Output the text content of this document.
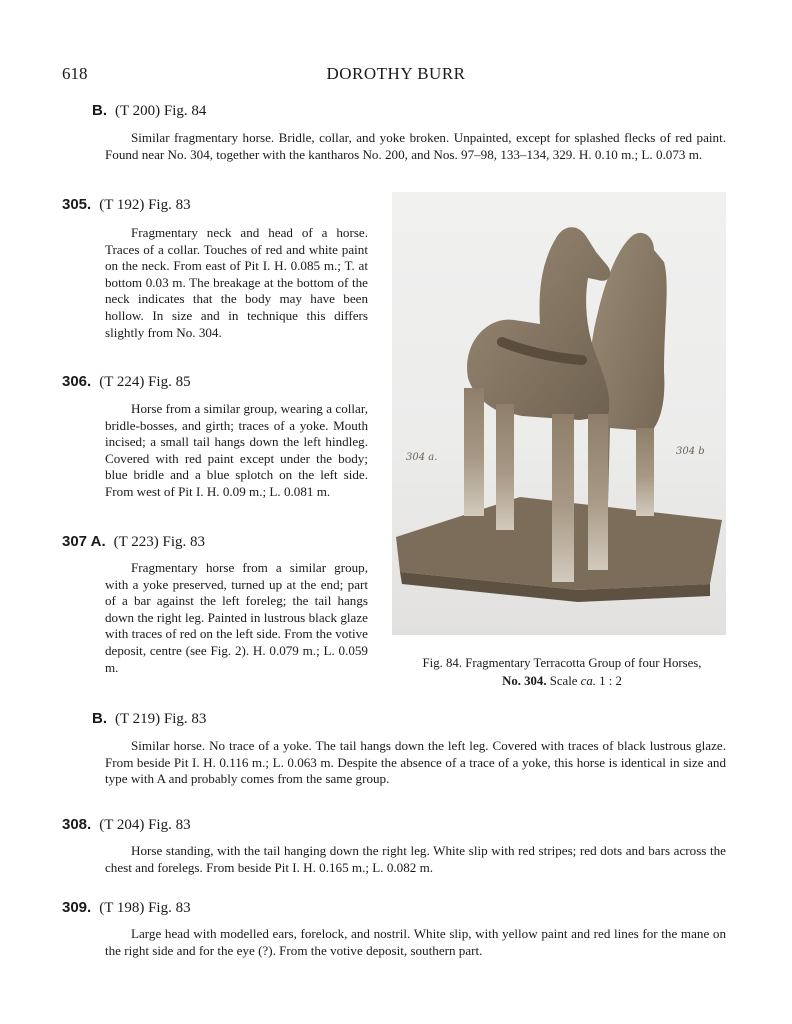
618	DOROTHY BURR
B. (T 200) Fig. 84

Similar fragmentary horse. Bridle, collar, and yoke broken. Unpainted, except for splashed flecks of red paint. Found near No. 304, together with the kantharos No. 200, and Nos. 97–98, 133–134, 329. H. 0.10 m.; L. 0.073 m.

305. (T 192) Fig. 83

Fragmentary neck and head of a horse. Traces of a collar. Touches of red and white paint on the neck. From east of Pit I. H. 0.085 m.; T. at bottom 0.03 m. The breakage at the bottom of the neck indicates that the body may have been hollow. In size and in technique this differs slightly from No. 304.

306. (T 224) Fig. 85

Horse from a similar group, wearing a collar, bridle-bosses, and girth; traces of a yoke. Mouth incised; a small tail hangs down the left hindleg. Covered with red paint except under the body; blue bridle and a blue splotch on the left side. From west of Pit I. H. 0.09 m.; L. 0.081 m.

307 A. (T 223) Fig. 83

Fragmentary horse from a similar group, with a yoke preserved, turned up at the end; part of a bar against the left foreleg; the tail hangs down the right leg. Painted in lustrous black glaze with traces of red on the left side. From the votive deposit, centre (see Fig. 2). H. 0.079 m.; L. 0.059 m.

304 a.
304 b
Fig. 84. Fragmentary Terracotta Group of four Horses,
No. 304. Scale ca. 1 : 2
B. (T 219) Fig. 83

Similar horse. No trace of a yoke. The tail hangs down the left leg. Covered with traces of black lustrous glaze. From beside Pit I. H. 0.116 m.; L. 0.063 m. Despite the absence of a trace of a yoke, this horse is identical in size and type with A and probably comes from the same group.

308. (T 204) Fig. 83

Horse standing, with the tail hanging down the right leg. White slip with red stripes; red dots and bars across the chest and forelegs. From beside Pit I. H. 0.165 m.; L. 0.082 m.

309. (T 198) Fig. 83

Large head with modelled ears, forelock, and nostril. White slip, with yellow paint and red lines for the mane on the right side and for the eye (?). From the votive deposit, southern part.
